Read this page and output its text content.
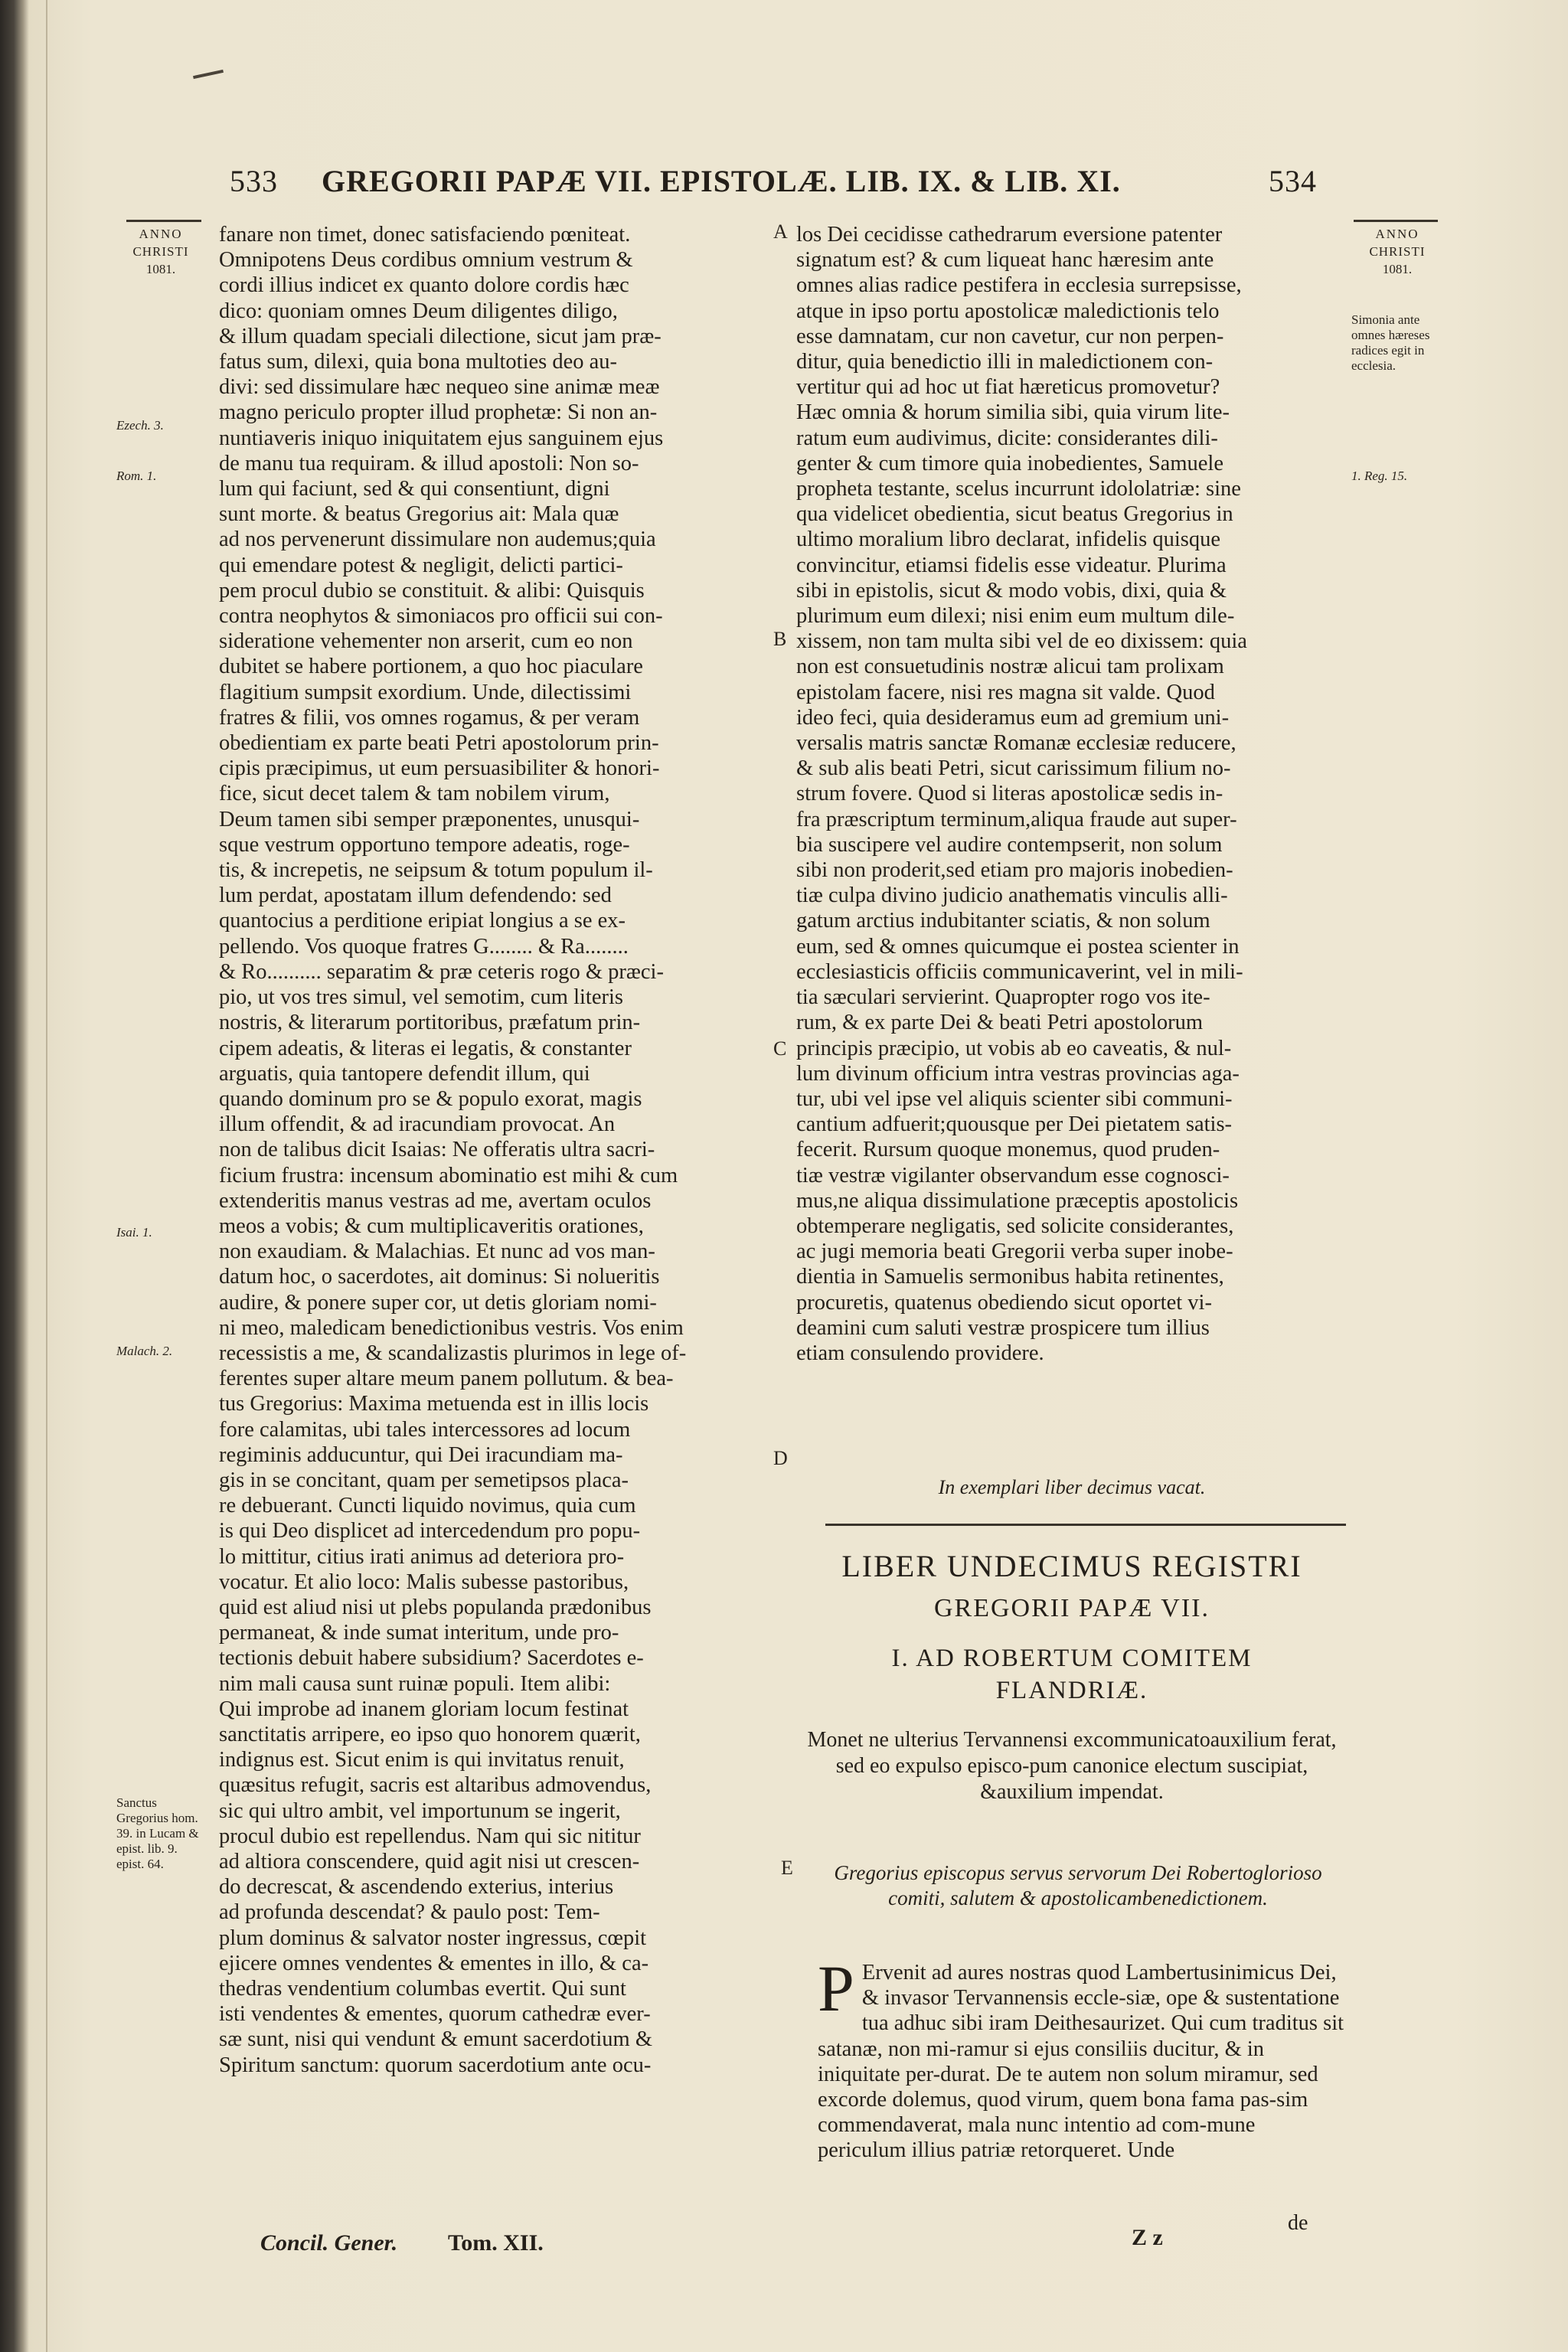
533 GREGORII PAPÆ VII. EPISTOLÆ. LIB. IX. & LIB. XI.	534
ANNO
CHRISTI
1081.
Ezech. 3.
Rom. 1.
Isai. 1.
Malach. 2.
Sanctus Gregorius hom. 39. in Lucam & epist. lib. 9. epist. 64.
ANNO
CHRISTI
1081.
Simonia ante omnes hæreses radices egit in ecclesia.
1. Reg. 15.
A
B
C
D
E
fanare non timet, donec satisfaciendo pœniteat.
Omnipotens Deus cordibus omnium vestrum &
cordi illius indicet ex quanto dolore cordis hæc
dico: quoniam omnes Deum diligentes diligo,
& illum quadam speciali dilectione, sicut jam præ-
fatus sum, dilexi, quia bona multoties deo au-
divi: sed dissimulare hæc nequeo sine animæ meæ
magno periculo propter illud prophetæ: Si non an-
nuntiaveris iniquo iniquitatem ejus sanguinem ejus
de manu tua requiram. & illud apostoli: Non so-
lum qui faciunt, sed & qui consentiunt, digni
sunt morte. & beatus Gregorius ait: Mala quæ
ad nos pervenerunt dissimulare non audemus;quia
qui emendare potest & negligit, delicti partici-
pem procul dubio se constituit. & alibi: Quisquis
contra neophytos & simoniacos pro officii sui con-
sideratione vehementer non arserit, cum eo non
dubitet se habere portionem, a quo hoc piaculare
flagitium sumpsit exordium. Unde, dilectissimi
fratres & filii, vos omnes rogamus, & per veram
obedientiam ex parte beati Petri apostolorum prin-
cipis præcipimus, ut eum persuasibiliter & honori-
fice, sicut decet talem & tam nobilem virum,
Deum tamen sibi semper præponentes, unusqui-
sque vestrum opportuno tempore adeatis, roge-
tis, & increpetis, ne seipsum & totum populum il-
lum perdat, apostatam illum defendendo: sed
quantocius a perditione eripiat longius a se ex-
pellendo. Vos quoque fratres G........ & Ra........
& Ro.......... separatim & præ ceteris rogo & præci-
pio, ut vos tres simul, vel semotim, cum literis
nostris, & literarum portitoribus, præfatum prin-
cipem adeatis, & literas ei legatis, & constanter
arguatis, quia tantopere defendit illum, qui
quando dominum pro se & populo exorat, magis
illum offendit, & ad iracundiam provocat. An
non de talibus dicit Isaias: Ne offeratis ultra sacri-
ficium frustra: incensum abominatio est mihi & cum
extenderitis manus vestras ad me, avertam oculos
meos a vobis; & cum multiplicaveritis orationes,
non exaudiam. & Malachias. Et nunc ad vos man-
datum hoc, o sacerdotes, ait dominus: Si nolueritis
audire, & ponere super cor, ut detis gloriam nomi-
ni meo, maledicam benedictionibus vestris. Vos enim
recessistis a me, & scandalizastis plurimos in lege of-
ferentes super altare meum panem pollutum. & bea-
tus Gregorius: Maxima metuenda est in illis locis
fore calamitas, ubi tales intercessores ad locum
regiminis adducuntur, qui Dei iracundiam ma-
gis in se concitant, quam per semetipsos placa-
re debuerant. Cuncti liquido novimus, quia cum
is qui Deo displicet ad intercedendum pro popu-
lo mittitur, citius irati animus ad deteriora pro-
vocatur. Et alio loco: Malis subesse pastoribus,
quid est aliud nisi ut plebs populanda prædonibus
permaneat, & inde sumat interitum, unde pro-
tectionis debuit habere subsidium? Sacerdotes e-
nim mali causa sunt ruinæ populi. Item alibi:
Qui improbe ad inanem gloriam locum festinat
sanctitatis arripere, eo ipso quo honorem quærit,
indignus est. Sicut enim is qui invitatus renuit,
quæsitus refugit, sacris est altaribus admovendus,
sic qui ultro ambit, vel importunum se ingerit,
procul dubio est repellendus. Nam qui sic nititur
ad altiora conscendere, quid agit nisi ut crescen-
do decrescat, & ascendendo exterius, interius
ad profunda descendat? & paulo post: Tem-
plum dominus & salvator noster ingressus, cœpit
ejicere omnes vendentes & ementes in illo, & ca-
thedras vendentium columbas evertit. Qui sunt
isti vendentes & ementes, quorum cathedræ ever-
sæ sunt, nisi qui vendunt & emunt sacerdotium &
Spiritum sanctum: quorum sacerdotium ante ocu-
los Dei cecidisse cathedrarum eversione patenter
signatum est? & cum liqueat hanc hæresim ante
omnes alias radice pestifera in ecclesia surrepsisse,
atque in ipso portu apostolicæ maledictionis telo
esse damnatam, cur non cavetur, cur non perpen-
ditur, quia benedictio illi in maledictionem con-
vertitur qui ad hoc ut fiat hæreticus promovetur?
Hæc omnia & horum similia sibi, quia virum lite-
ratum eum audivimus, dicite: considerantes dili-
genter & cum timore quia inobedientes, Samuele
propheta testante, scelus incurrunt idololatriæ: sine
qua videlicet obedientia, sicut beatus Gregorius in
ultimo moralium libro declarat, infidelis quisque
convincitur, etiamsi fidelis esse videatur. Plurima
sibi in epistolis, sicut & modo vobis, dixi, quia &
plurimum eum dilexi; nisi enim eum multum dile-
xissem, non tam multa sibi vel de eo dixissem: quia
non est consuetudinis nostræ alicui tam prolixam
epistolam facere, nisi res magna sit valde. Quod
ideo feci, quia desideramus eum ad gremium uni-
versalis matris sanctæ Romanæ ecclesiæ reducere,
& sub alis beati Petri, sicut carissimum filium no-
strum fovere. Quod si literas apostolicæ sedis in-
fra præscriptum terminum,aliqua fraude aut super-
bia suscipere vel audire contempserit, non solum
sibi non proderit,sed etiam pro majoris inobedien-
tiæ culpa divino judicio anathematis vinculis alli-
gatum arctius indubitanter sciatis, & non solum
eum, sed & omnes quicumque ei postea scienter in
ecclesiasticis officiis communicaverint, vel in mili-
tia sæculari servierint. Quapropter rogo vos ite-
rum, & ex parte Dei & beati Petri apostolorum
principis præcipio, ut vobis ab eo caveatis, & nul-
lum divinum officium intra vestras provincias aga-
tur, ubi vel ipse vel aliquis scienter sibi communi-
cantium adfuerit;quousque per Dei pietatem satis-
fecerit. Rursum quoque monemus, quod pruden-
tiæ vestræ vigilanter observandum esse cognosci-
mus,ne aliqua dissimulatione præceptis apostolicis
obtemperare negligatis, sed solicite considerantes,
ac jugi memoria beati Gregorii verba super inobe-
dientia in Samuelis sermonibus habita retinentes,
procuretis, quatenus obediendo sicut oportet vi-
deamini cum saluti vestræ prospicere tum illius
etiam consulendo providere.
In exemplari liber decimus vacat.
LIBER UNDECIMUS REGISTRI
GREGORII PAPÆ VII.
I. AD ROBERTUM COMITEM
FLANDRIÆ.
Monet ne ulterius Tervannensi excommunicatoauxilium ferat, sed eo expulso episco-pum canonice electum suscipiat, &auxilium impendat.
Gregorius episcopus servus servorum Dei Robertoglorioso comiti, salutem & apostolicambenedictionem.
P Ervenit ad aures nostras quod Lambertusinimicus Dei, & invasor Tervannensis eccle-siæ, ope & sustentatione tua adhuc sibi iram Deithesaurizet. Qui cum traditus sit satanæ, non mi-ramur si ejus consiliis ducitur, & in iniquitate per-durat. De te autem non solum miramur, sed excorde dolemus, quod virum, quem bona fama pas-sim commendaverat, mala nunc intentio ad com-mune periculum illius patriæ retorqueret. Unde
Concil. Gener. Tom. XII.	Z z
de
